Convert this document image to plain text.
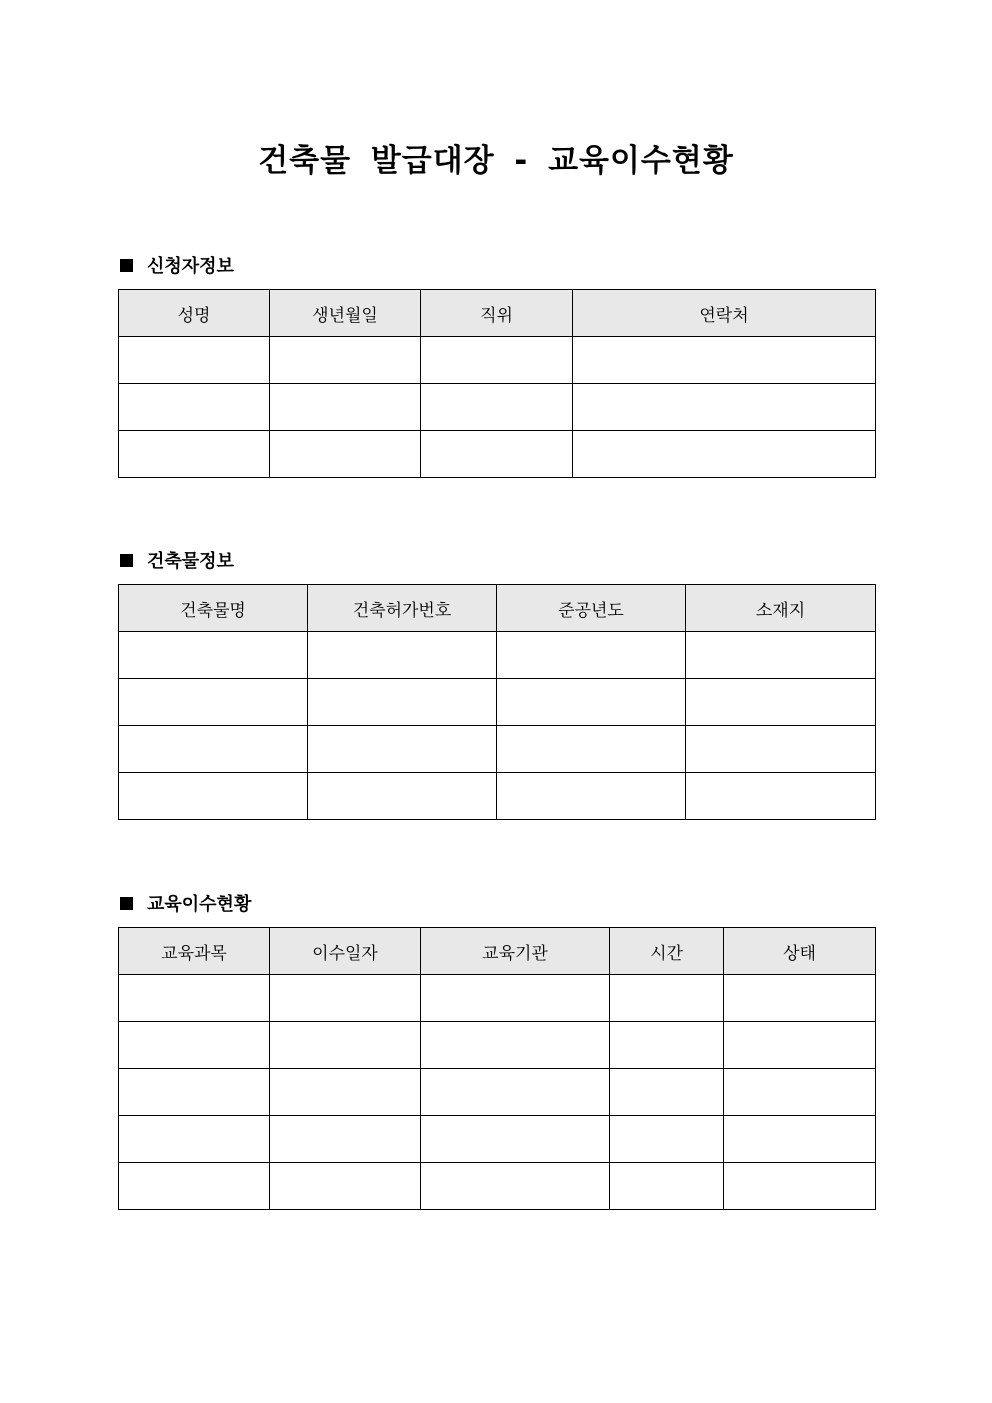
건축물 발급대장 - 교육이수현황
신청자정보
성명	생년월일	직위	연락처

건축물정보
건축물명	건축허가번호	준공년도	소재지

교육이수현황
교육과목	이수일자	교육기관	시간	상태
